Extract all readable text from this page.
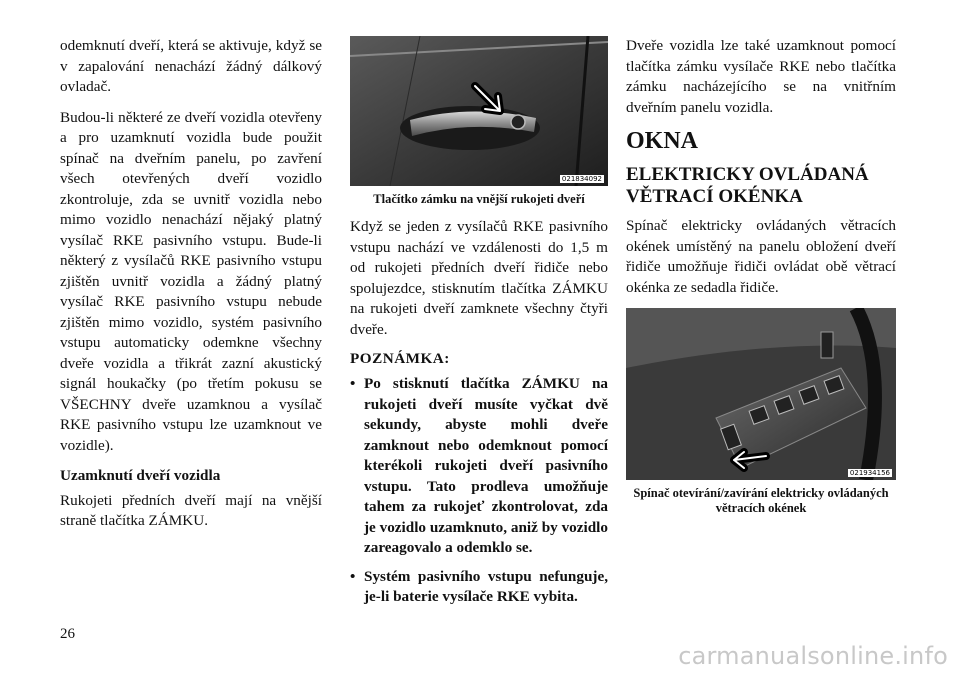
odemknutí dveří, která se aktivuje, když se v zapalování nenachází žádný dálkový ovladač.

Budou-li některé ze dveří vozidla otevřeny a pro uzamknutí vozidla bude použit spínač na dveřním panelu, po zavření všech otevřených dveří vozidlo zkontroluje, zda se uvnitř vozidla nebo mimo vozidlo nenachází nějaký platný vysílač RKE pasivního vstupu. Bude-li některý z vysílačů RKE pasivního vstupu zjištěn uvnitř vozidla a žádný platný vysílač RKE pasivního vstupu nebude zjištěn mimo vozidlo, systém pasivního vstupu automaticky odemkne všechny dveře vozidla a třikrát zazní akustický signál houkačky (po třetím pokusu se VŠECHNY dveře uzamknou a vysílač RKE pasivního vstupu lze uzamknout ve vozidle).

Uzamknutí dveří vozidla

Rukojeti předních dveří mají na vnější straně tlačítka ZÁMKU.

021834092
Tlačítko zámku na vnější rukojeti dveří

Když se jeden z vysílačů RKE pasivního vstupu nachází ve vzdálenosti do 1,5 m od rukojeti předních dveří řidiče nebo spolujezdce, stisknutím tlačítka ZÁMKU na rukojeti dveří zamknete všechny čtyři dveře.

POZNÁMKA:
• Po stisknutí tlačítka ZÁMKU na rukojeti dveří musíte vyčkat dvě sekundy, abyste mohli dveře zamknout nebo odemknout pomocí kterékoli rukojeti dveří pasivního vstupu. Tato prodleva umožňuje tahem za rukojeť zkontrolovat, zda je vozidlo uzamknuto, aniž by vozidlo zareagovalo a odemklo se.
• Systém pasivního vstupu nefunguje, je-li baterie vysílače RKE vybita.

Dveře vozidla lze také uzamknout pomocí tlačítka zámku vysílače RKE nebo tlačítka zámku nacházejícího se na vnitřním dveřním panelu vozidla.

OKNA
ELEKTRICKY OVLÁDANÁ VĚTRACÍ OKÉNKA

Spínač elektricky ovládaných větracích okének umístěný na panelu obložení dveří řidiče umožňuje řidiči ovládat obě větrací okénka ze sedadla řidiče.

021934156
Spínač otevírání/zavírání elektricky ovládaných větracích okének
26
carmanualsonline.info
